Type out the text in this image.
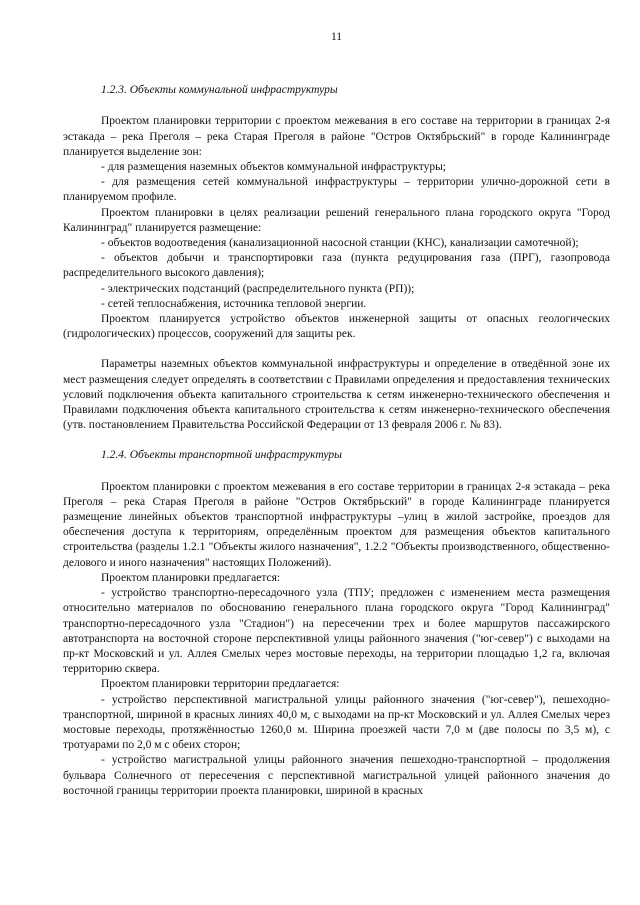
11
1.2.3. Объекты коммунальной инфраструктуры

Проектом планировки территории с проектом межевания в его составе на территории в границах 2-я эстакада – река Преголя – река Старая Преголя в районе "Остров Октябрьский" в городе Калининграде планируется выделение зон:

- для размещения наземных объектов коммунальной инфраструктуры;

- для размещения сетей коммунальной инфраструктуры – территории улично-дорожной сети в планируемом профиле.

Проектом планировки в целях реализации решений генерального плана городского округа "Город Калининград" планируется размещение:

- объектов водоотведения (канализационной насосной станции (КНС), канализации самотечной);

- объектов добычи и транспортировки газа (пункта редуцирования газа (ПРГ), газопровода распределительного высокого давления);

- электрических подстанций (распределительного пункта (РП));

- сетей теплоснабжения, источника тепловой энергии.

Проектом планируется устройство объектов инженерной защиты от опасных геологических (гидрологических) процессов, сооружений для защиты рек.

Параметры наземных объектов коммунальной инфраструктуры и определение в отведённой зоне их мест размещения следует определять в соответствии с Правилами определения и предоставления технических условий подключения объекта капитального строительства к сетям инженерно-технического обеспечения и Правилами подключения объекта капитального строительства к сетям инженерно-технического обеспечения (утв. постановлением Правительства Российской Федерации от 13 февраля 2006 г. № 83).

1.2.4. Объекты транспортной инфраструктуры

Проектом планировки с проектом межевания в его составе территории в границах 2-я эстакада – река Преголя – река Старая Преголя в районе "Остров Октябрьский" в городе Калининграде планируется размещение линейных объектов транспортной инфраструктуры –улиц в жилой застройке, проездов для обеспечения доступа к территориям, определённым проектом для размещения объектов капитального строительства (разделы 1.2.1 "Объекты жилого назначения", 1.2.2 "Объекты производственного, общественно-делового и иного назначения" настоящих Положений).

Проектом планировки предлагается:

- устройство транспортно-пересадочного узла (ТПУ; предложен с изменением места размещения относительно материалов по обоснованию генерального плана городского округа "Город Калининград" транспортно-пересадочного узла "Стадион") на пересечении трех и более маршрутов пассажирского автотранспорта на восточной стороне перспективной улицы районного значения ("юг-север") с выходами на пр-кт Московский и ул. Аллея Смелых через мостовые переходы, на территории площадью 1,2 га, включая территорию сквера.

Проектом планировки территории предлагается:

- устройство перспективной магистральной улицы районного значения ("юг-север"), пешеходно-транспортной, шириной в красных линиях 40,0 м, с выходами на пр-кт Московский и ул. Аллея Смелых через мостовые переходы, протяжённостью 1260,0 м. Ширина проезжей части 7,0 м (две полосы по 3,5 м), с тротуарами по 2,0 м с обеих сторон;

- устройство магистральной улицы районного значения пешеходно-транспортной – продолжения бульвара Солнечного от пересечения с перспективной магистральной улицей районного значения до восточной границы территории проекта планировки, шириной в красных
